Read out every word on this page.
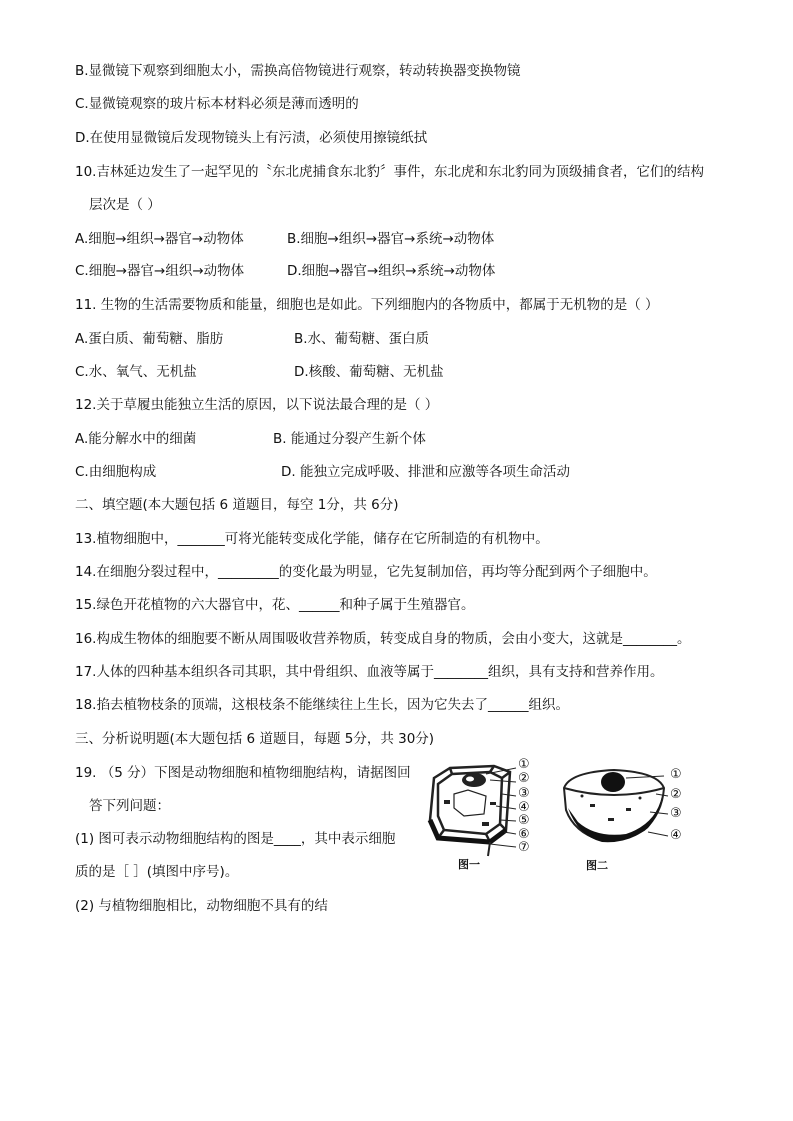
B.显微镜下观察到细胞太小，需换高倍物镜进行观察，转动转换器变换物镜
C.显微镜观察的玻片标本材料必须是薄而透明的
D.在使用显微镜后发现物镜头上有污渍，必须使用擦镜纸拭
10.吉林延边发生了一起罕见的〝东北虎捕食东北豹〞事件，东北虎和东北豹同为顶级捕食者，它们的结构
层次是（ ）
A.细胞→组织→器官→动物体	B.细胞→组织→器官→系统→动物体
C.细胞→器官→组织→动物体	D.细胞→器官→组织→系统→动物体
11. 生物的生活需要物质和能量，细胞也是如此。下列细胞内的各物质中，都属于无机物的是（ ）
A.蛋白质、葡萄糖、脂肪	B.水、葡萄糖、蛋白质
C.水、氧气、无机盐	D.核酸、葡萄糖、无机盐
12.关于草履虫能独立生活的原因，以下说法最合理的是（ ）
A.能分解水中的细菌	B. 能通过分裂产生新个体
C.由细胞构成	D. 能独立完成呼吸、排泄和应激等各项生命活动
二、填空题(本大题包括 6 道题目，每空 1分，共 6分)
13.植物细胞中，_______可将光能转变成化学能，储存在它所制造的有机物中。
14.在细胞分裂过程中，_________的变化最为明显，它先复制加倍，再均等分配到两个子细胞中。
15.绿色开花植物的六大器官中，花、______和种子属于生殖器官。
16.构成生物体的细胞要不断从周围吸收营养物质，转变成自身的物质，会由小变大，这就是________。
17.人体的四种基本组织各司其职，其中骨组织、血液等属于________组织，具有支持和营养作用。
18.掐去植物枝条的顶端，这根枝条不能继续往上生长，因为它失去了______组织。
三、分析说明题(本大题包括 6 道题目，每题 5分，共 30分)
19. （5 分）下图是动物细胞和植物细胞结构，请据图回
答下列问题：
(1) 图可表示动物细胞结构的图是____，其中表示细胞
质的是［ ］(填图中序号)。
(2) 与植物细胞相比，动物细胞不具有的结
①
②
③
④
⑤
⑥
⑦
图一
①
②
③
④
图二
